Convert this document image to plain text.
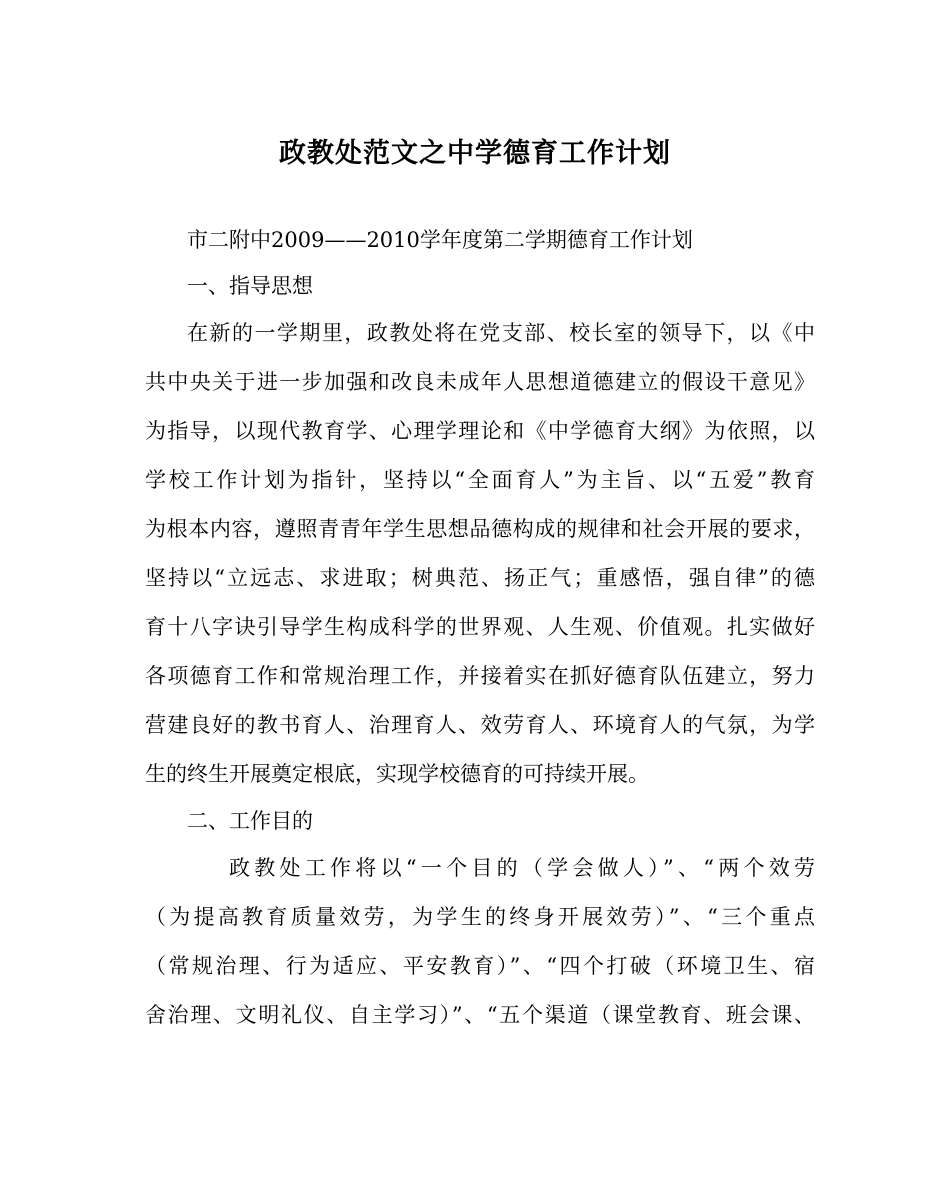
政教处范文之中学德育工作计划
市二附中2009——2010学年度第二学期德育工作计划
一、指导思想
在新的一学期里，政教处将在党支部、校长室的领导下，以《中
共中央关于进一步加强和改良未成年人思想道德建立的假设干意见》
为指导，以现代教育学、心理学理论和《中学德育大纲》为依照，以
学校工作计划为指针，坚持以“全面育人”为主旨、以“五爱”教育
为根本内容，遵照青青年学生思想品德构成的规律和社会开展的要求，
坚持以“立远志、求进取；树典范、扬正气；重感悟，强自律”的德
育十八字诀引导学生构成科学的世界观、人生观、价值观。扎实做好
各项德育工作和常规治理工作，并接着实在抓好德育队伍建立，努力
营建良好的教书育人、治理育人、效劳育人、环境育人的气氛，为学
生的终生开展奠定根底，实现学校德育的可持续开展。
二、工作目的
政教处工作将以“一个目的（学会做人）”、“两个效劳
（为提高教育质量效劳，为学生的终身开展效劳）”、“三个重点
（常规治理、行为适应、平安教育）”、“四个打破（环境卫生、宿
舍治理、文明礼仪、自主学习）”、“五个渠道（课堂教育、班会课、
